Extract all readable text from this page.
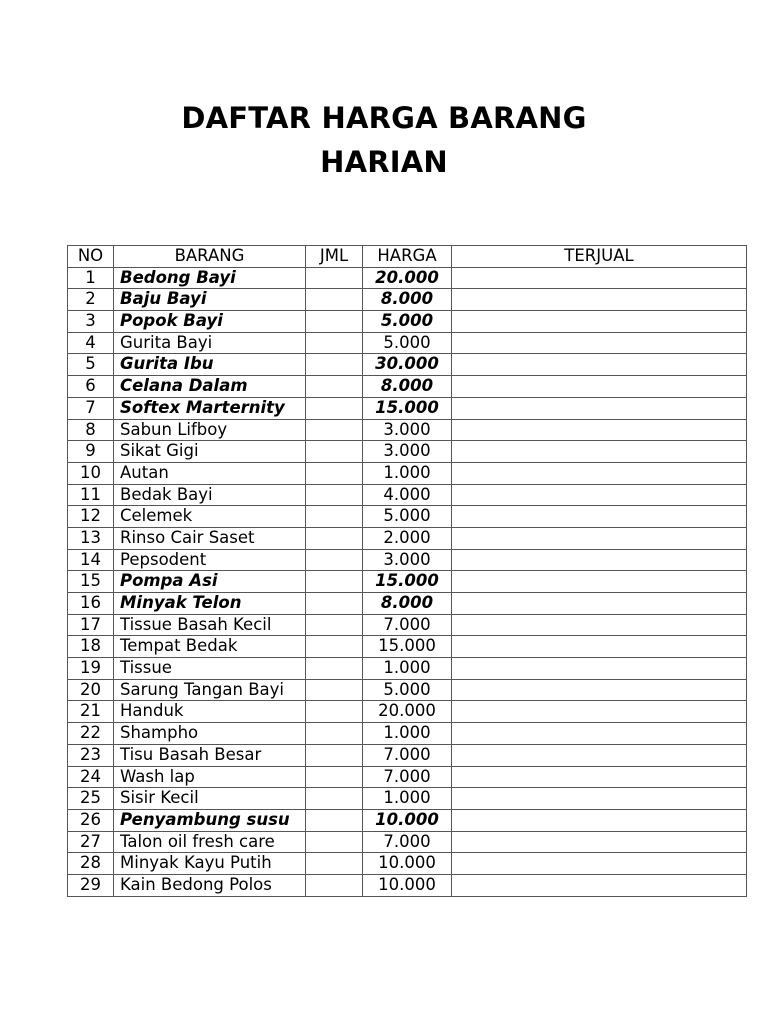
DAFTAR HARGA BARANG
HARIAN
NO	BARANG	JML	HARGA	TERJUAL
1	Bedong Bayi		20.000	
2	Baju Bayi		8.000	
3	Popok Bayi		5.000	
4	Gurita Bayi		5.000	
5	Gurita Ibu		30.000	
6	Celana Dalam		8.000	
7	Softex Marternity		15.000	
8	Sabun Lifboy		3.000	
9	Sikat Gigi		3.000	
10	Autan		1.000	
11	Bedak Bayi		4.000	
12	Celemek		5.000	
13	Rinso Cair Saset		2.000	
14	Pepsodent		3.000	
15	Pompa Asi		15.000	
16	Minyak Telon		8.000	
17	Tissue Basah Kecil		7.000	
18	Tempat Bedak		15.000	
19	Tissue		1.000	
20	Sarung Tangan Bayi		5.000	
21	Handuk		20.000	
22	Shampho		1.000	
23	Tisu Basah Besar		7.000	
24	Wash lap		7.000	
25	Sisir Kecil		1.000	
26	Penyambung susu		10.000	
27	Talon oil fresh care		7.000	
28	Minyak Kayu Putih		10.000	
29	Kain Bedong Polos		10.000	
